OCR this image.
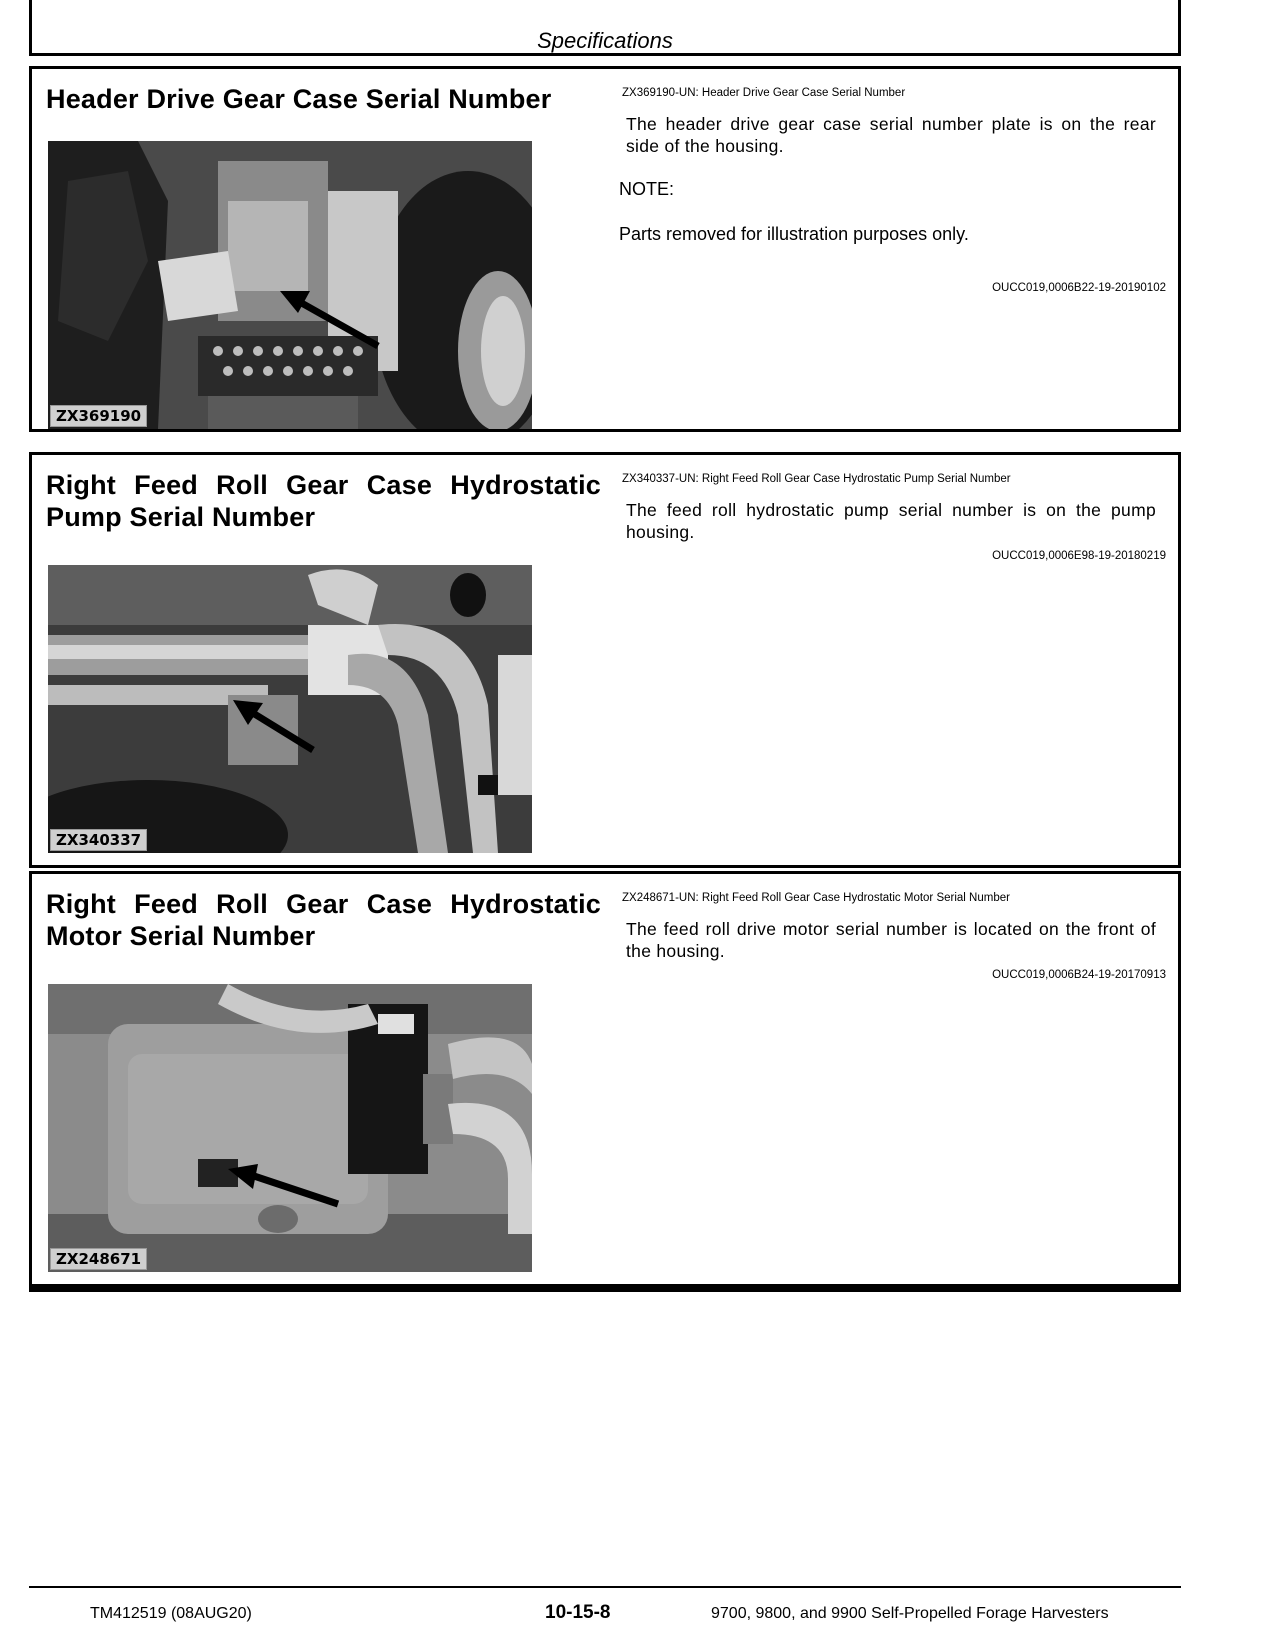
Specifications
Header Drive Gear Case Serial Number
ZX369190
ZX369190-UN: Header Drive Gear Case Serial Number
The header drive gear case serial number plate is on the rear side of the housing.
NOTE:
Parts removed for illustration purposes only.
OUCC019,0006B22-19-20190102
Right Feed Roll Gear Case Hydrostatic Pump Serial Number
ZX340337
ZX340337-UN: Right Feed Roll Gear Case Hydrostatic Pump Serial Number
The feed roll hydrostatic pump serial number is on the pump housing.
OUCC019,0006E98-19-20180219
Right Feed Roll Gear Case Hydrostatic Motor Serial Number
ZX248671
ZX248671-UN: Right Feed Roll Gear Case Hydrostatic Motor Serial Number
The feed roll drive motor serial number is located on the front of the housing.
OUCC019,0006B24-19-20170913
TM412519 (08AUG20)	10-15-8	9700, 9800, and 9900 Self-Propelled Forage Harvesters
